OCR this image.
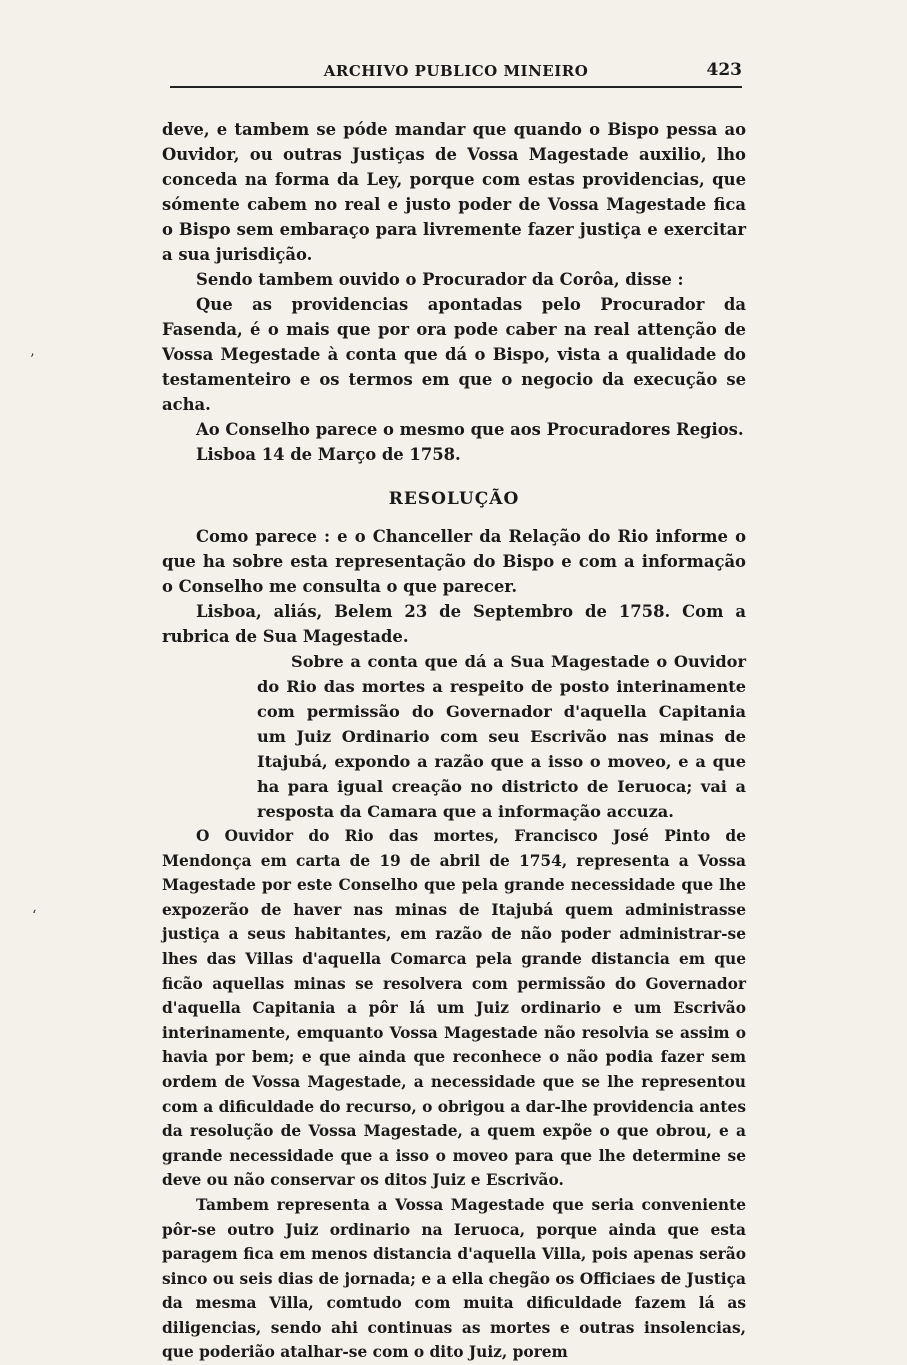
ARCHIVO PUBLICO MINEIRO	423

deve, e tambem se póde mandar que quando o Bispo pessa ao Ouvidor, ou outras Justiças de Vossa Magestade auxilio, lho conceda na forma da Ley, porque com estas providencias, que sómente cabem no real e justo poder de Vossa Magestade fica o Bispo sem embaraço para livremente fazer justiça e exercitar a sua jurisdição.

Sendo tambem ouvido o Procurador da Corôa, disse :

Que as providencias apontadas pelo Procurador da Fasenda, é o mais que por ora pode caber na real attenção de Vossa Megestade à conta que dá o Bispo, vista a qualidade do testamenteiro e os termos em que o negocio da execução se acha.

Ao Conselho parece o mesmo que aos Procuradores Regios.

Lisboa 14 de Março de 1758.

RESOLUÇÃO

Como parece : e o Chanceller da Relação do Rio informe o que ha sobre esta representação do Bispo e com a informação o Conselho me consulta o que parecer.

Lisboa, aliás, Belem 23 de Septembro de 1758. Com a rubrica de Sua Magestade.

Sobre a conta que dá a Sua Magestade o Ouvidor do Rio das mortes a respeito de posto interinamente com permissão do Governador d'aquella Capitania um Juiz Ordinario com seu Escrivão nas minas de Itajubá, expondo a razão que a isso o moveo, e a que ha para igual creação no districto de Ieruoca; vai a resposta da Camara que a informação accuza.

O Ouvidor do Rio das mortes, Francisco José Pinto de Mendonça em carta de 19 de abril de 1754, representa a Vossa Magestade por este Conselho que pela grande necessidade que lhe expozerão de haver nas minas de Itajubá quem administrasse justiça a seus habitantes, em razão de não poder administrar-se lhes das Villas d'aquella Comarca pela grande distancia em que ficão aquellas minas se resolvera com permissão do Governador d'aquella Capitania a pôr lá um Juiz ordinario e um Escrivão interinamente, emquanto Vossa Magestade não resolvia se assim o havia por bem; e que ainda que reconhece o não podia fazer sem ordem de Vossa Magestade, a necessidade que se lhe representou com a dificuldade do recurso, o obrigou a dar-lhe providencia antes da resolução de Vossa Magestade, a quem expõe o que obrou, e a grande necessidade que a isso o moveo para que lhe determine se deve ou não conservar os ditos Juiz e Escrivão.

Tambem representa a Vossa Magestade que seria conveniente pôr-se outro Juiz ordinario na Ieruoca, porque ainda que esta paragem fica em menos distancia d'aquella Villa, pois apenas serão sinco ou seis dias de jornada; e a ella chegão os Officiaes de Justiça da mesma Villa, comtudo com muita dificuldade fazem lá as diligencias, sendo ahi continuas as mortes e outras insolencias, que poderião atalhar-se com o dito Juiz, porem

’
‘
